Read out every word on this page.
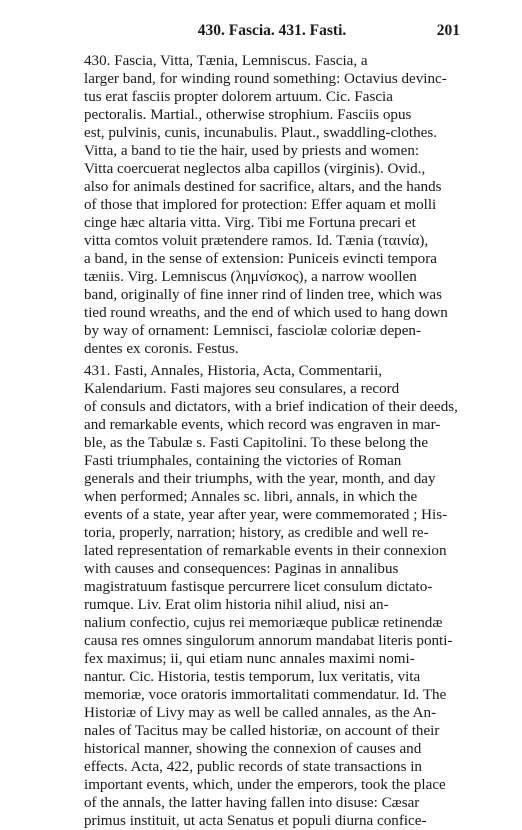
430. Fascia. 431. Fasti.	201
430. Fascia, Vitta, Tænia, Lemniscus. Fascia, a
larger band, for winding round something: Octavius devinc-
tus erat fasciis propter dolorem artuum. Cic. Fascia
pectoralis. Martial., otherwise strophium. Fasciis opus
est, pulvinis, cunis, incunabulis. Plaut., swaddling-clothes.
Vitta, a band to tie the hair, used by priests and women:
Vitta coercuerat neglectos alba capillos (virginis). Ovid.,
also for animals destined for sacrifice, altars, and the hands
of those that implored for protection: Effer aquam et molli
cinge hæc altaria vitta. Virg. Tibi me Fortuna precari et
vitta comtos voluit prætendere ramos. Id. Tænia (ταινία),
a band, in the sense of extension: Puniceis evincti tempora
tæniis. Virg. Lemniscus (λημνίσκος), a narrow woollen
band, originally of fine inner rind of linden tree, which was
tied round wreaths, and the end of which used to hang down
by way of ornament: Lemnisci, fasciolæ coloriæ depen-
dentes ex coronis. Festus.
431. Fasti, Annales, Historia, Acta, Commentarii,
Kalendarium. Fasti majores seu consulares, a record
of consuls and dictators, with a brief indication of their deeds,
and remarkable events, which record was engraven in mar-
ble, as the Tabulæ s. Fasti Capitolini. To these belong the
Fasti triumphales, containing the victories of Roman
generals and their triumphs, with the year, month, and day
when performed; Annales sc. libri, annals, in which the
events of a state, year after year, were commemorated ; His-
toria, properly, narration; history, as credible and well re-
lated representation of remarkable events in their connexion
with causes and consequences: Paginas in annalibus
magistratuum fastisque percurrere licet consulum dictato-
rumque. Liv. Erat olim historia nihil aliud, nisi an-
nalium confectio, cujus rei memoriæque publicæ retinendæ
causa res omnes singulorum annorum mandabat literis ponti-
fex maximus; ii, qui etiam nunc annales maximi nomi-
nantur. Cic. Historia, testis temporum, lux veritatis, vita
memoriæ, voce oratoris immortalitati commendatur. Id. The
Historiæ of Livy may as well be called annales, as the An-
nales of Tacitus may be called historiæ, on account of their
historical manner, showing the connexion of causes and
effects. Acta, 422, public records of state transactions in
important events, which, under the emperors, took the place
of the annals, the latter having fallen into disuse: Cæsar
primus instituit, ut acta Senatus et populi diurna confice-
